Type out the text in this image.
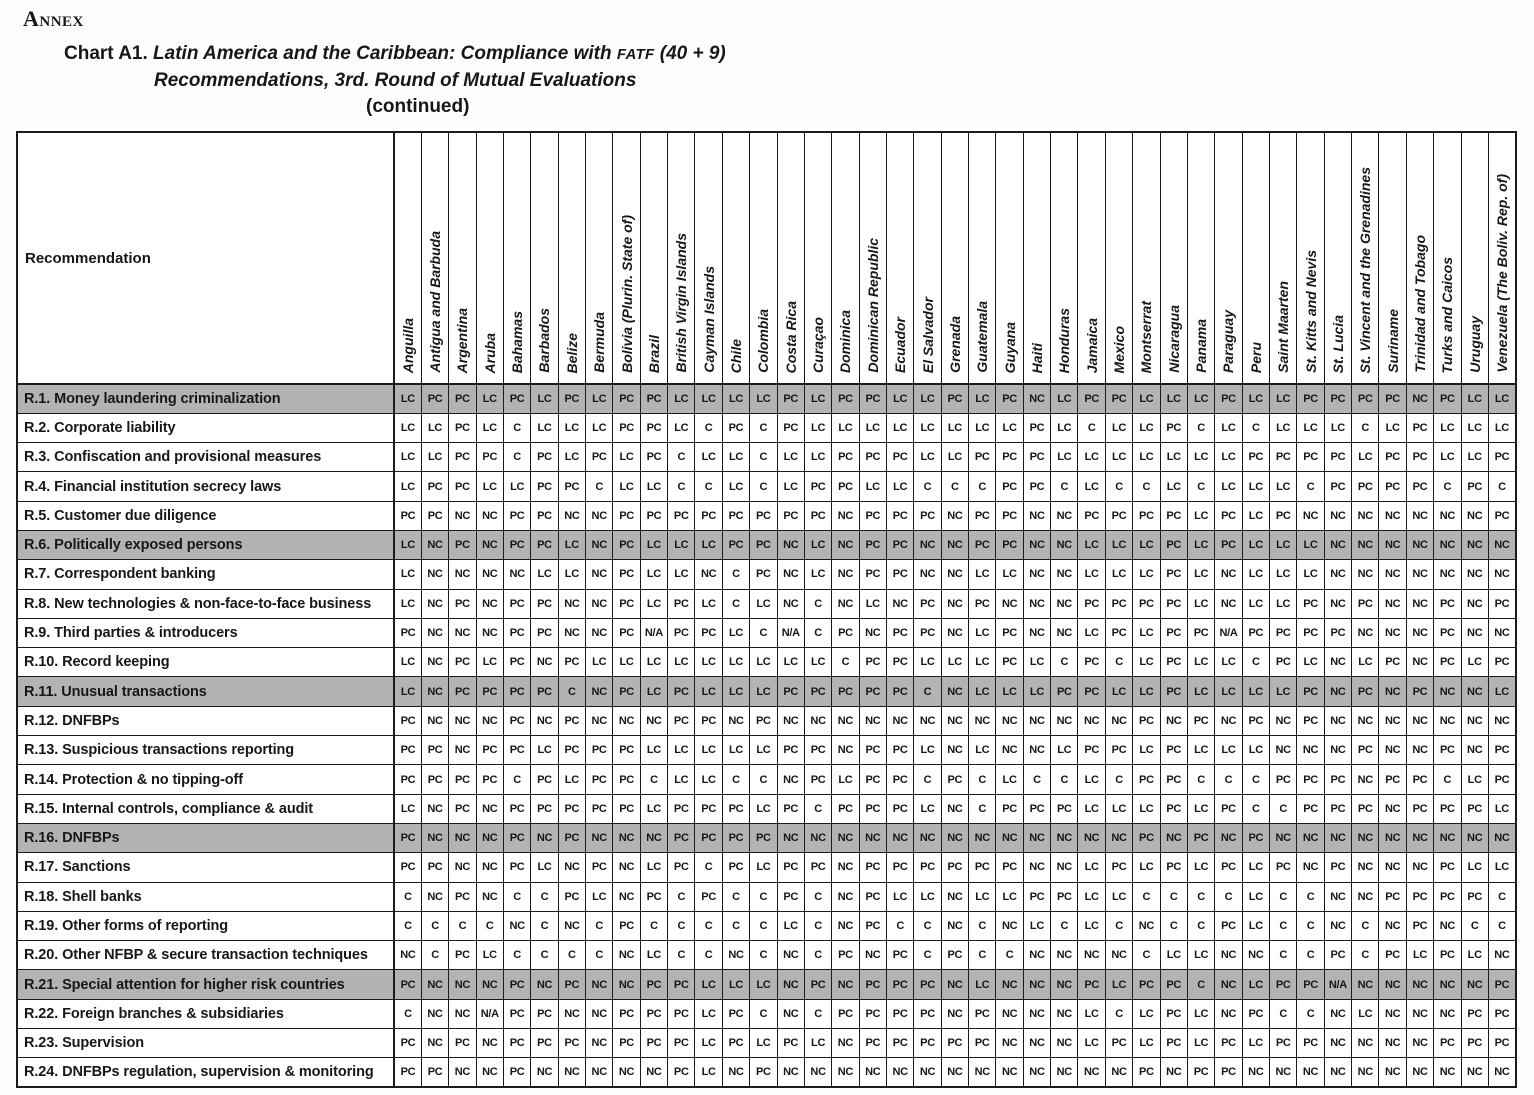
Annex
Chart A1. Latin America and the Caribbean: Compliance with FATF (40 + 9)
Recommendations, 3rd. Round of Mutual Evaluations
(continued)
Recommendation	Anguilla	Antigua and Barbuda	Argentina	Aruba	Bahamas	Barbados	Belize	Bermuda	Bolivia (Plurin. State of)	Brazil	British Virgin Islands	Cayman Islands	Chile	Colombia	Costa Rica	Curaçao	Dominica	Dominican Republic	Ecuador	El Salvador	Grenada	Guatemala	Guyana	Haiti	Honduras	Jamaica	Mexico	Montserrat	Nicaragua	Panama	Paraguay	Peru	Saint Maarten	St. Kitts and Nevis	St. Lucia	St. Vincent and the Grenadines	Suriname	Trinidad and Tobago	Turks and Caicos	Uruguay	Venezuela (The Boliv. Rep. of)
R.1. Money laundering criminalization	LC	PC	PC	LC	PC	LC	PC	LC	PC	PC	LC	LC	LC	LC	PC	LC	PC	PC	LC	LC	PC	LC	PC	NC	LC	PC	PC	LC	LC	LC	PC	LC	LC	PC	PC	PC	PC	NC	PC	LC	LC
R.2. Corporate liability	LC	LC	PC	LC	C	LC	LC	LC	PC	PC	LC	C	PC	C	PC	LC	LC	LC	LC	LC	LC	LC	LC	PC	LC	C	LC	LC	PC	C	LC	C	LC	LC	LC	C	LC	PC	LC	LC	LC
R.3. Confiscation and provisional measures	LC	LC	PC	PC	C	PC	LC	PC	LC	PC	C	LC	LC	C	LC	LC	PC	PC	PC	LC	LC	PC	PC	PC	LC	LC	LC	LC	LC	LC	LC	PC	PC	PC	PC	LC	PC	PC	LC	LC	PC
R.4. Financial institution secrecy laws	LC	PC	PC	LC	LC	PC	PC	C	LC	LC	C	C	LC	C	LC	PC	PC	LC	LC	C	C	C	PC	PC	C	LC	C	C	LC	C	LC	LC	LC	C	PC	PC	PC	PC	C	PC	C
R.5. Customer due diligence	PC	PC	NC	NC	PC	PC	NC	NC	PC	PC	PC	PC	PC	PC	PC	PC	NC	PC	PC	PC	NC	PC	PC	NC	NC	PC	PC	PC	PC	LC	PC	LC	PC	NC	NC	NC	NC	NC	NC	NC	PC
R.6. Politically exposed persons	LC	NC	PC	NC	PC	PC	LC	NC	PC	LC	LC	LC	PC	PC	NC	LC	NC	PC	PC	NC	NC	PC	PC	NC	NC	LC	LC	LC	PC	LC	PC	LC	LC	LC	NC	NC	NC	NC	NC	NC	NC
R.7. Correspondent banking	LC	NC	NC	NC	NC	LC	LC	NC	PC	LC	LC	NC	C	PC	NC	LC	NC	PC	PC	NC	NC	LC	LC	NC	NC	LC	LC	LC	PC	LC	NC	LC	LC	LC	NC	NC	NC	NC	NC	NC	NC
R.8. New technologies & non-face-to-face business	LC	NC	PC	NC	PC	PC	NC	NC	PC	LC	PC	LC	C	LC	NC	C	NC	LC	NC	PC	NC	PC	NC	NC	NC	PC	PC	PC	PC	LC	NC	LC	LC	PC	NC	PC	NC	NC	PC	NC	PC
R.9. Third parties & introducers	PC	NC	NC	NC	PC	PC	NC	NC	PC	N/A	PC	PC	LC	C	N/A	C	PC	NC	PC	PC	NC	LC	PC	NC	NC	LC	PC	LC	PC	PC	N/A	PC	PC	PC	PC	NC	NC	NC	PC	NC	NC
R.10. Record keeping	LC	NC	PC	LC	PC	NC	PC	LC	LC	LC	LC	LC	LC	LC	LC	LC	C	PC	PC	LC	LC	LC	PC	LC	C	PC	C	LC	PC	LC	LC	C	PC	LC	NC	LC	PC	NC	PC	LC	PC
R.11. Unusual transactions	LC	NC	PC	PC	PC	PC	C	NC	PC	LC	PC	LC	LC	LC	PC	PC	PC	PC	PC	C	NC	LC	LC	LC	PC	PC	LC	LC	PC	LC	LC	LC	LC	PC	NC	PC	NC	PC	NC	NC	LC
R.12. DNFBPs	PC	NC	NC	NC	PC	NC	PC	NC	NC	NC	PC	PC	NC	PC	NC	NC	NC	NC	NC	NC	NC	NC	NC	NC	NC	NC	NC	PC	NC	PC	NC	PC	NC	PC	NC	NC	NC	NC	NC	NC	NC
R.13. Suspicious transactions reporting	PC	PC	NC	PC	PC	LC	PC	PC	PC	LC	LC	LC	LC	LC	PC	PC	NC	PC	PC	LC	NC	LC	NC	NC	LC	PC	PC	LC	PC	LC	LC	LC	NC	NC	NC	PC	NC	NC	PC	NC	PC
R.14. Protection & no tipping-off	PC	PC	PC	PC	C	PC	LC	PC	PC	C	LC	LC	C	C	NC	PC	LC	PC	PC	C	PC	C	LC	C	C	LC	C	PC	PC	C	C	C	PC	PC	PC	NC	PC	PC	C	LC	PC
R.15. Internal controls, compliance & audit	LC	NC	PC	NC	PC	PC	PC	PC	PC	LC	PC	PC	PC	LC	PC	C	PC	PC	PC	LC	NC	C	PC	PC	PC	LC	LC	LC	PC	LC	PC	C	C	PC	PC	PC	NC	PC	PC	PC	LC
R.16. DNFBPs	PC	NC	NC	NC	PC	NC	PC	NC	NC	NC	PC	PC	PC	PC	NC	NC	NC	NC	NC	NC	NC	NC	NC	NC	NC	NC	NC	PC	NC	PC	NC	PC	NC	NC	NC	NC	NC	NC	NC	NC	NC
R.17. Sanctions	PC	PC	NC	NC	PC	LC	NC	PC	NC	LC	PC	C	PC	LC	PC	PC	NC	PC	PC	PC	PC	PC	PC	NC	NC	LC	PC	LC	PC	LC	PC	LC	PC	NC	PC	NC	NC	NC	PC	LC	LC
R.18. Shell banks	C	NC	PC	NC	C	C	PC	LC	NC	PC	C	PC	C	C	PC	C	NC	PC	LC	LC	NC	LC	LC	PC	PC	LC	LC	C	C	C	C	LC	C	C	NC	NC	PC	PC	PC	PC	C
R.19. Other forms of reporting	C	C	C	C	NC	C	NC	C	PC	C	C	C	C	C	LC	C	NC	PC	C	C	NC	C	NC	LC	C	LC	C	NC	C	C	PC	LC	C	C	NC	C	NC	PC	NC	C	C
R.20. Other NFBP & secure transaction techniques	NC	C	PC	LC	C	C	C	C	NC	LC	C	C	NC	C	NC	C	PC	NC	PC	C	PC	C	C	NC	NC	NC	NC	C	LC	LC	NC	NC	C	C	PC	C	PC	LC	PC	LC	NC
R.21. Special attention for higher risk countries	PC	NC	NC	NC	PC	NC	PC	NC	NC	PC	PC	LC	LC	LC	NC	PC	NC	PC	PC	PC	NC	LC	NC	NC	NC	PC	LC	PC	PC	C	NC	LC	PC	PC	N/A	NC	NC	NC	NC	NC	PC
R.22. Foreign branches & subsidiaries	C	NC	NC	N/A	PC	PC	NC	NC	PC	PC	PC	LC	PC	C	NC	C	PC	PC	PC	PC	NC	PC	NC	NC	NC	LC	C	LC	PC	LC	NC	PC	C	C	NC	LC	NC	NC	NC	PC	PC
R.23. Supervision	PC	NC	PC	NC	PC	PC	PC	NC	PC	PC	PC	LC	PC	LC	PC	LC	NC	PC	PC	PC	PC	PC	NC	NC	NC	LC	PC	LC	PC	LC	PC	LC	PC	PC	NC	NC	NC	NC	PC	PC	PC
R.24. DNFBPs regulation, supervision & monitoring	PC	PC	NC	NC	PC	NC	NC	NC	NC	NC	PC	LC	NC	PC	NC	NC	NC	NC	NC	NC	NC	NC	NC	NC	NC	NC	NC	PC	NC	PC	PC	NC	NC	NC	NC	NC	NC	NC	NC	NC	NC
